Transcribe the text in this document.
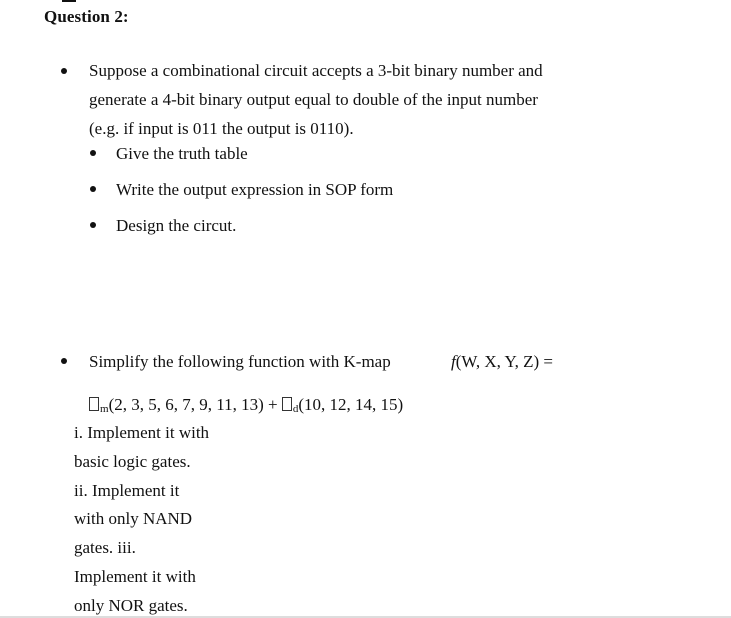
Question 2:
Suppose a combinational circuit accepts a 3-bit binary number and
generate a 4-bit binary output equal to double of the input number
(e.g. if input is 011 the output is 0110).
Give the truth table
Write the output expression in SOP form
Design the circut.
Simplify the following function with K-map	f(W, X, Y, Z) =
m(2, 3, 5, 6, 7, 9, 11, 13) + d(10, 12, 14, 15)
i. Implement it with
basic logic gates.
ii. Implement it
with only NAND
gates. iii.
Implement it with
only NOR gates.
